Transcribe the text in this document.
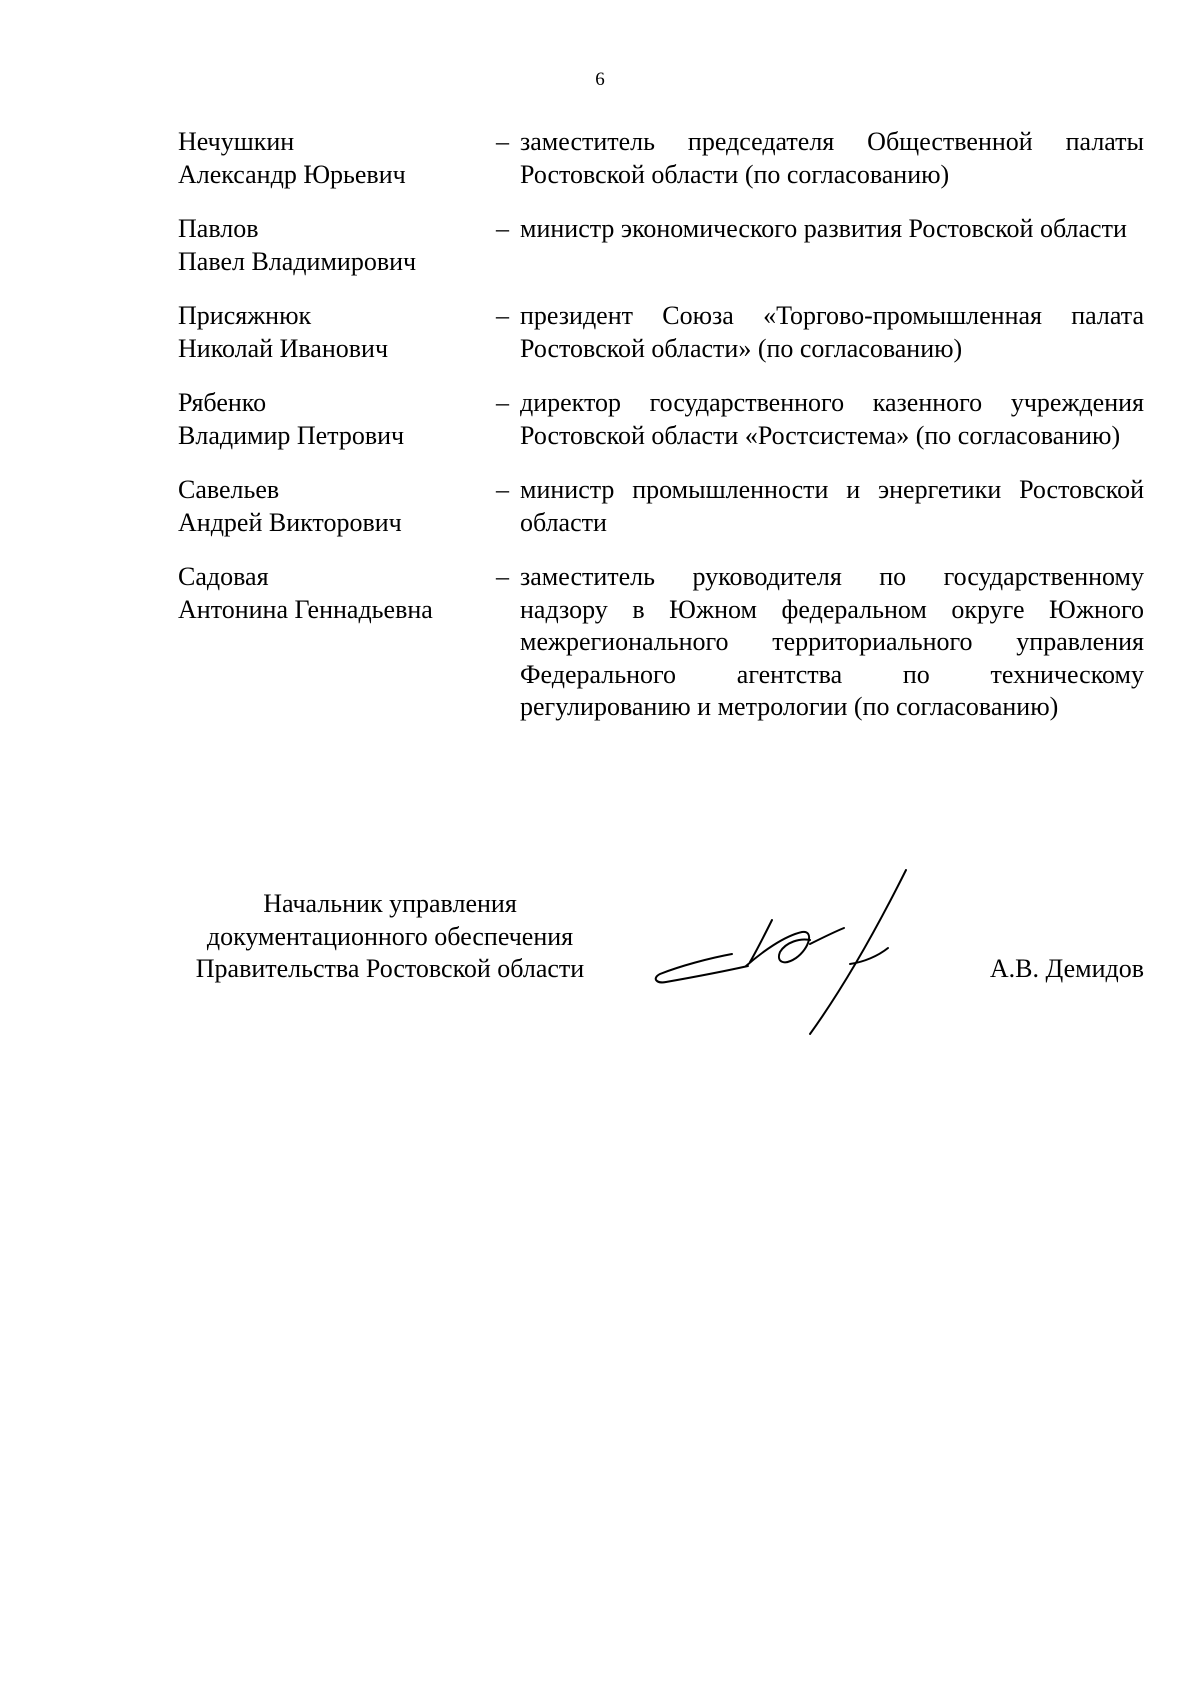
6
Нечушкин
Александр Юрьевич
– заместитель председателя Общественной палаты Ростовской области (по согласованию)
Павлов
Павел Владимирович
– министр экономического развития Ростовской области
Присяжнюк
Николай Иванович
– президент Союза «Торгово-промышленная палата Ростовской области» (по согласованию)
Рябенко
Владимир Петрович
– директор государственного казенного учреждения Ростовской области «Ростсистема» (по согласованию)
Савельев
Андрей Викторович
– министр промышленности и энергетики Ростовской области
Садовая
Антонина Геннадьевна
– заместитель руководителя по государственному надзору в Южном федеральном округе Южного межрегионального территориального управления Федерального агентства по техническому регулированию и метрологии (по согласованию)
Начальник управления
документационного обеспечения
Правительства Ростовской области	А.В. Демидов
